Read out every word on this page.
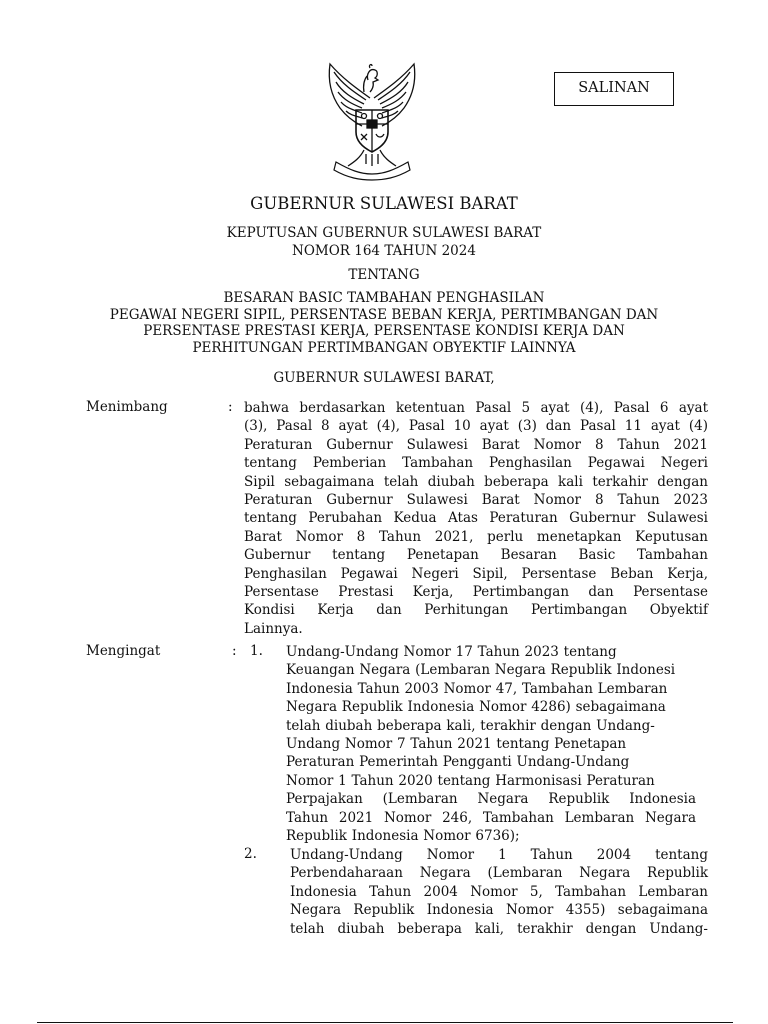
SALINAN
GUBERNUR SULAWESI BARAT
KEPUTUSAN GUBERNUR SULAWESI BARAT
NOMOR 164 TAHUN 2024
TENTANG
BESARAN BASIC TAMBAHAN PENGHASILAN
PEGAWAI NEGERI SIPIL, PERSENTASE BEBAN KERJA, PERTIMBANGAN DAN
PERSENTASE PRESTASI KERJA, PERSENTASE KONDISI KERJA DAN
PERHITUNGAN PERTIMBANGAN OBYEKTIF LAINNYA
GUBERNUR SULAWESI BARAT,
Menimbang	: bahwa berdasarkan ketentuan Pasal 5 ayat (4), Pasal 6 ayat
(3), Pasal 8 ayat (4), Pasal 10 ayat (3) dan Pasal 11 ayat (4)
Peraturan Gubernur Sulawesi Barat Nomor 8 Tahun 2021
tentang Pemberian Tambahan Penghasilan Pegawai Negeri
Sipil sebagaimana telah diubah beberapa kali terkahir dengan
Peraturan Gubernur Sulawesi Barat Nomor 8 Tahun 2023
tentang Perubahan Kedua Atas Peraturan Gubernur Sulawesi
Barat Nomor 8 Tahun 2021, perlu menetapkan Keputusan
Gubernur tentang Penetapan Besaran Basic Tambahan
Penghasilan Pegawai Negeri Sipil, Persentase Beban Kerja,
Persentase Prestasi Kerja, Pertimbangan dan Persentase
Kondisi Kerja dan Perhitungan Pertimbangan Obyektif
Lainnya.
Mengingat	: 1. Undang-Undang Nomor 17 Tahun 2023 tentang
Keuangan Negara (Lembaran Negara Republik Indonesi
Indonesia Tahun 2003 Nomor 47, Tambahan Lembaran
Negara Republik Indonesia Nomor 4286) sebagaimana
telah diubah beberapa kali, terakhir dengan Undang-
Undang Nomor 7 Tahun 2021 tentang Penetapan
Peraturan Pemerintah Pengganti Undang-Undang
Nomor 1 Tahun 2020 tentang Harmonisasi Peraturan
Perpajakan (Lembaran Negara Republik Indonesia
Tahun 2021 Nomor 246, Tambahan Lembaran Negara
Republik Indonesia Nomor 6736);
2. Undang-Undang Nomor 1 Tahun 2004 tentang
Perbendaharaan Negara (Lembaran Negara Republik
Indonesia Tahun 2004 Nomor 5, Tambahan Lembaran
Negara Republik Indonesia Nomor 4355) sebagaimana
telah diubah beberapa kali, terakhir dengan Undang-
